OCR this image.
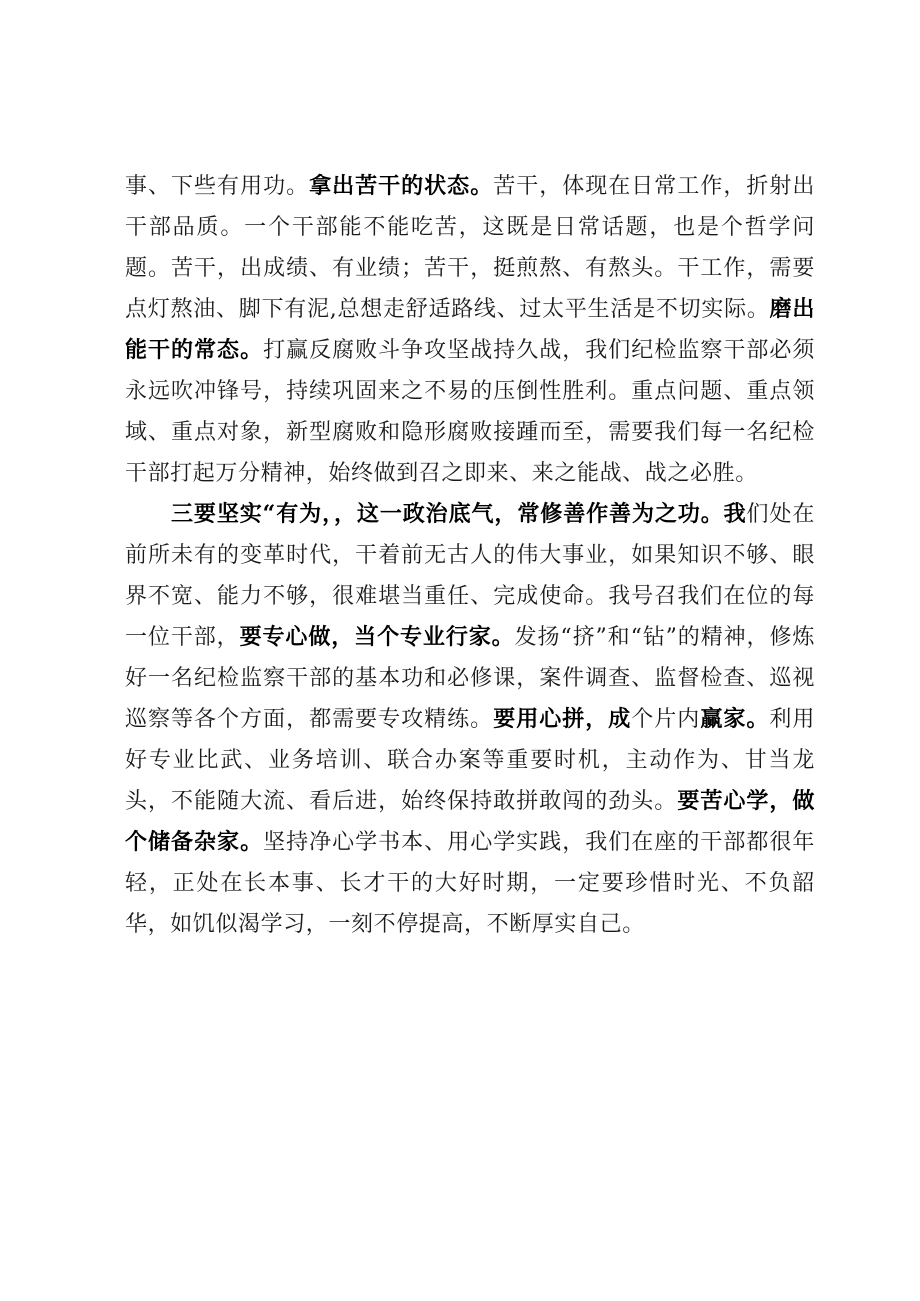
事、下些有用功。拿出苦干的状态。苦干，体现在日常工作，折射出干部品质。一个干部能不能吃苦，这既是日常话题，也是个哲学问题。苦干，出成绩、有业绩；苦干，挺煎熬、有熬头。干工作，需要点灯熬油、脚下有泥,总想走舒适路线、过太平生活是不切实际。磨出能干的常态。打赢反腐败斗争攻坚战持久战，我们纪检监察干部必须永远吹冲锋号，持续巩固来之不易的压倒性胜利。重点问题、重点领域、重点对象，新型腐败和隐形腐败接踵而至，需要我们每一名纪检干部打起万分精神，始终做到召之即来、来之能战、战之必胜。

三要坚实“有为，，这一政治底气，常修善作善为之功。我们处在前所未有的变革时代，干着前无古人的伟大事业，如果知识不够、眼界不宽、能力不够，很难堪当重任、完成使命。我号召我们在位的每一位干部，要专心做，当个专业行家。发扬“挤”和“钻”的精神，修炼好一名纪检监察干部的基本功和必修课，案件调查、监督检查、巡视巡察等各个方面，都需要专攻精练。要用心拼，成个片内赢家。利用好专业比武、业务培训、联合办案等重要时机，主动作为、甘当龙头，不能随大流、看后进，始终保持敢拼敢闯的劲头。要苦心学，做个储备杂家。坚持净心学书本、用心学实践，我们在座的干部都很年轻，正处在长本事、长才干的大好时期，一定要珍惜时光、不负韶华，如饥似渴学习，一刻不停提高，不断厚实自己。
